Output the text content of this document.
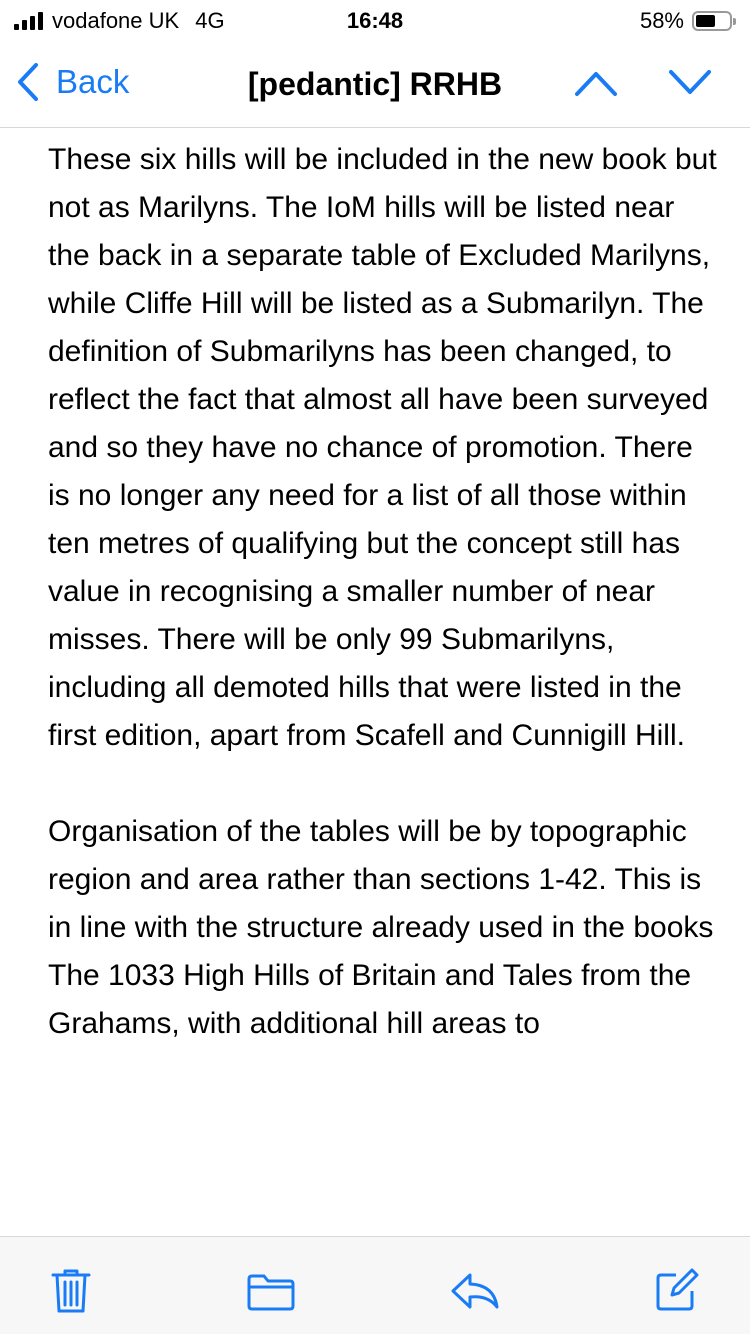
vodafone UK 4G	16:48	58%
Back	[pedantic] RRHB

These six hills will be included in the new book but not as Marilyns. The IoM hills will be listed near the back in a separate table of Excluded Marilyns, while Cliffe Hill will be listed as a Submarilyn. The definition of Submarilyns has been changed, to reflect the fact that almost all have been surveyed and so they have no chance of promotion. There is no longer any need for a list of all those within ten metres of qualifying but the concept still has value in recognising a smaller number of near misses. There will be only 99 Submarilyns, including all demoted hills that were listed in the first edition, apart from Scafell and Cunnigill Hill.

Organisation of the tables will be by topographic region and area rather than sections 1-42. This is in line with the structure already used in the books The 1033 High Hills of Britain and Tales from the Grahams, with additional hill areas to
